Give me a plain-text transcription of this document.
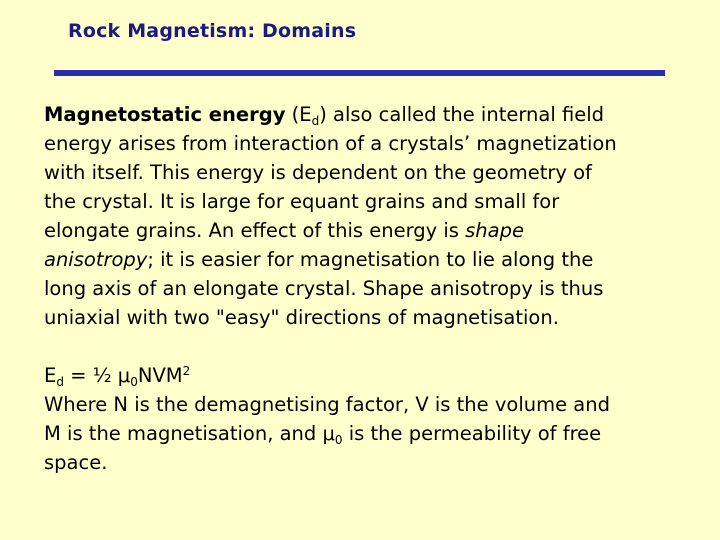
Rock Magnetism: Domains

Magnetostatic energy $(E_d)$ also called the internal field
energy arises from interaction of a crystals’ magnetization
with itself. This energy is dependent on the geometry of
the crystal. It is large for equant grains and small for
elongate grains. An effect of this energy is shape
anisotropy; it is easier for magnetisation to lie along the
long axis of an elongate crystal. Shape anisotropy is thus
uniaxial with two "easy" directions of magnetisation.

$E_d$ = ½ $\mu_0NVM^2$

Where N is the demagnetising factor, V is the volume and
M is the magnetisation, and $\mu_0$ is the permeability of free
space.
